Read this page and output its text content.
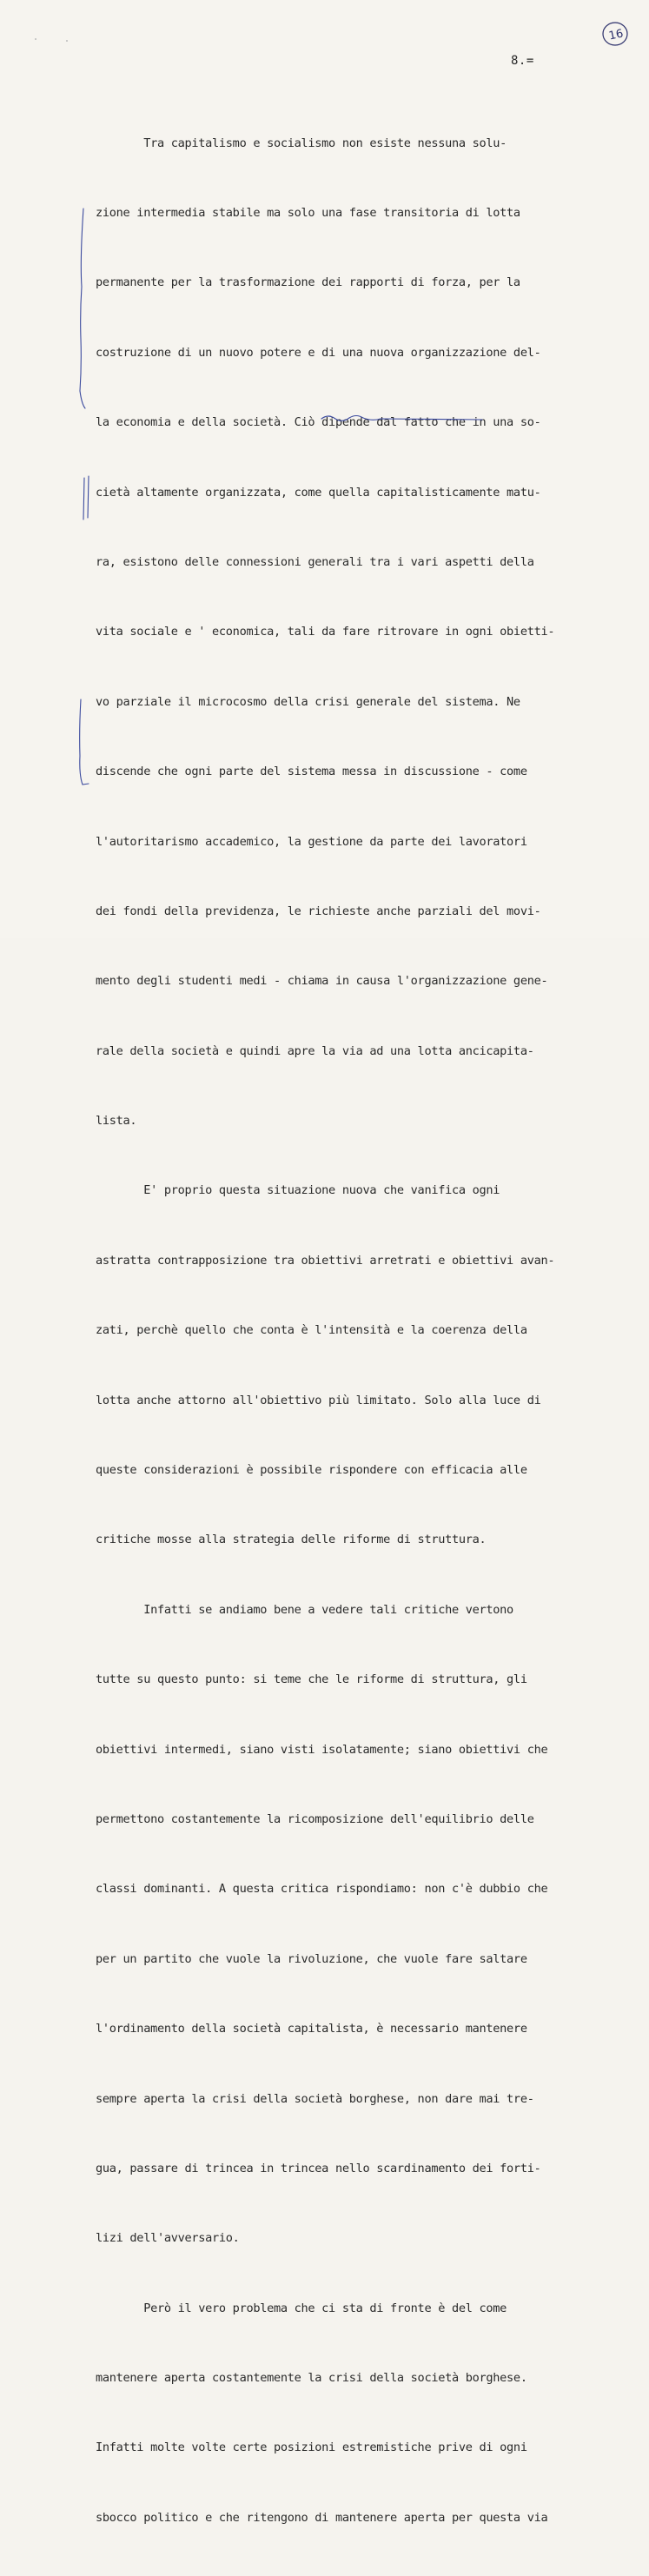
16
8.=

Tra capitalismo e socialismo non esiste nessuna solu-

zione intermedia stabile ma solo una fase transitoria di lotta

permanente per la trasformazione dei rapporti di forza, per la

costruzione di un nuovo potere e di una nuova organizzazione del-

la economia e della società. Ciò dipende dal fatto che in una so-

cietà altamente organizzata, come quella capitalisticamente matu-

ra, esistono delle connessioni generali tra i vari aspetti della

vita sociale e ' economica, tali da fare ritrovare in ogni obietti-

vo parziale il microcosmo della crisi generale del sistema. Ne

discende che ogni parte del sistema messa in discussione - come

l'autoritarismo accademico, la gestione da parte dei lavoratori

dei fondi della previdenza, le richieste anche parziali del movi-

mento degli studenti medi - chiama in causa l'organizzazione gene-

rale della società e quindi apre la via ad una lotta ancicapita-

lista.

E' proprio questa situazione nuova che vanifica ogni

astratta contrapposizione tra obiettivi arretrati e obiettivi avan-

zati, perchè quello che conta è l'intensità e la coerenza della

lotta anche attorno all'obiettivo più limitato. Solo alla luce di

queste considerazioni è possibile rispondere con efficacia alle

critiche mosse alla strategia delle riforme di struttura.

Infatti se andiamo bene a vedere tali critiche vertono

tutte su questo punto: si teme che le riforme di struttura, gli

obiettivi intermedi, siano visti isolatamente; siano obiettivi che

permettono costantemente la ricomposizione dell'equilibrio delle

classi dominanti. A questa critica rispondiamo: non c'è dubbio che

per un partito che vuole la rivoluzione, che vuole fare saltare

l'ordinamento della società capitalista, è necessario mantenere

sempre aperta la crisi della società borghese, non dare mai tre-

gua, passare di trincea in trincea nello scardinamento dei forti-

lizi dell'avversario.

Però il vero problema che ci sta di fronte è del come

mantenere aperta costantemente la crisi della società borghese.

Infatti molte volte certe posizioni estremistiche prive di ogni

sbocco politico e che ritengono di mantenere aperta per questa via
